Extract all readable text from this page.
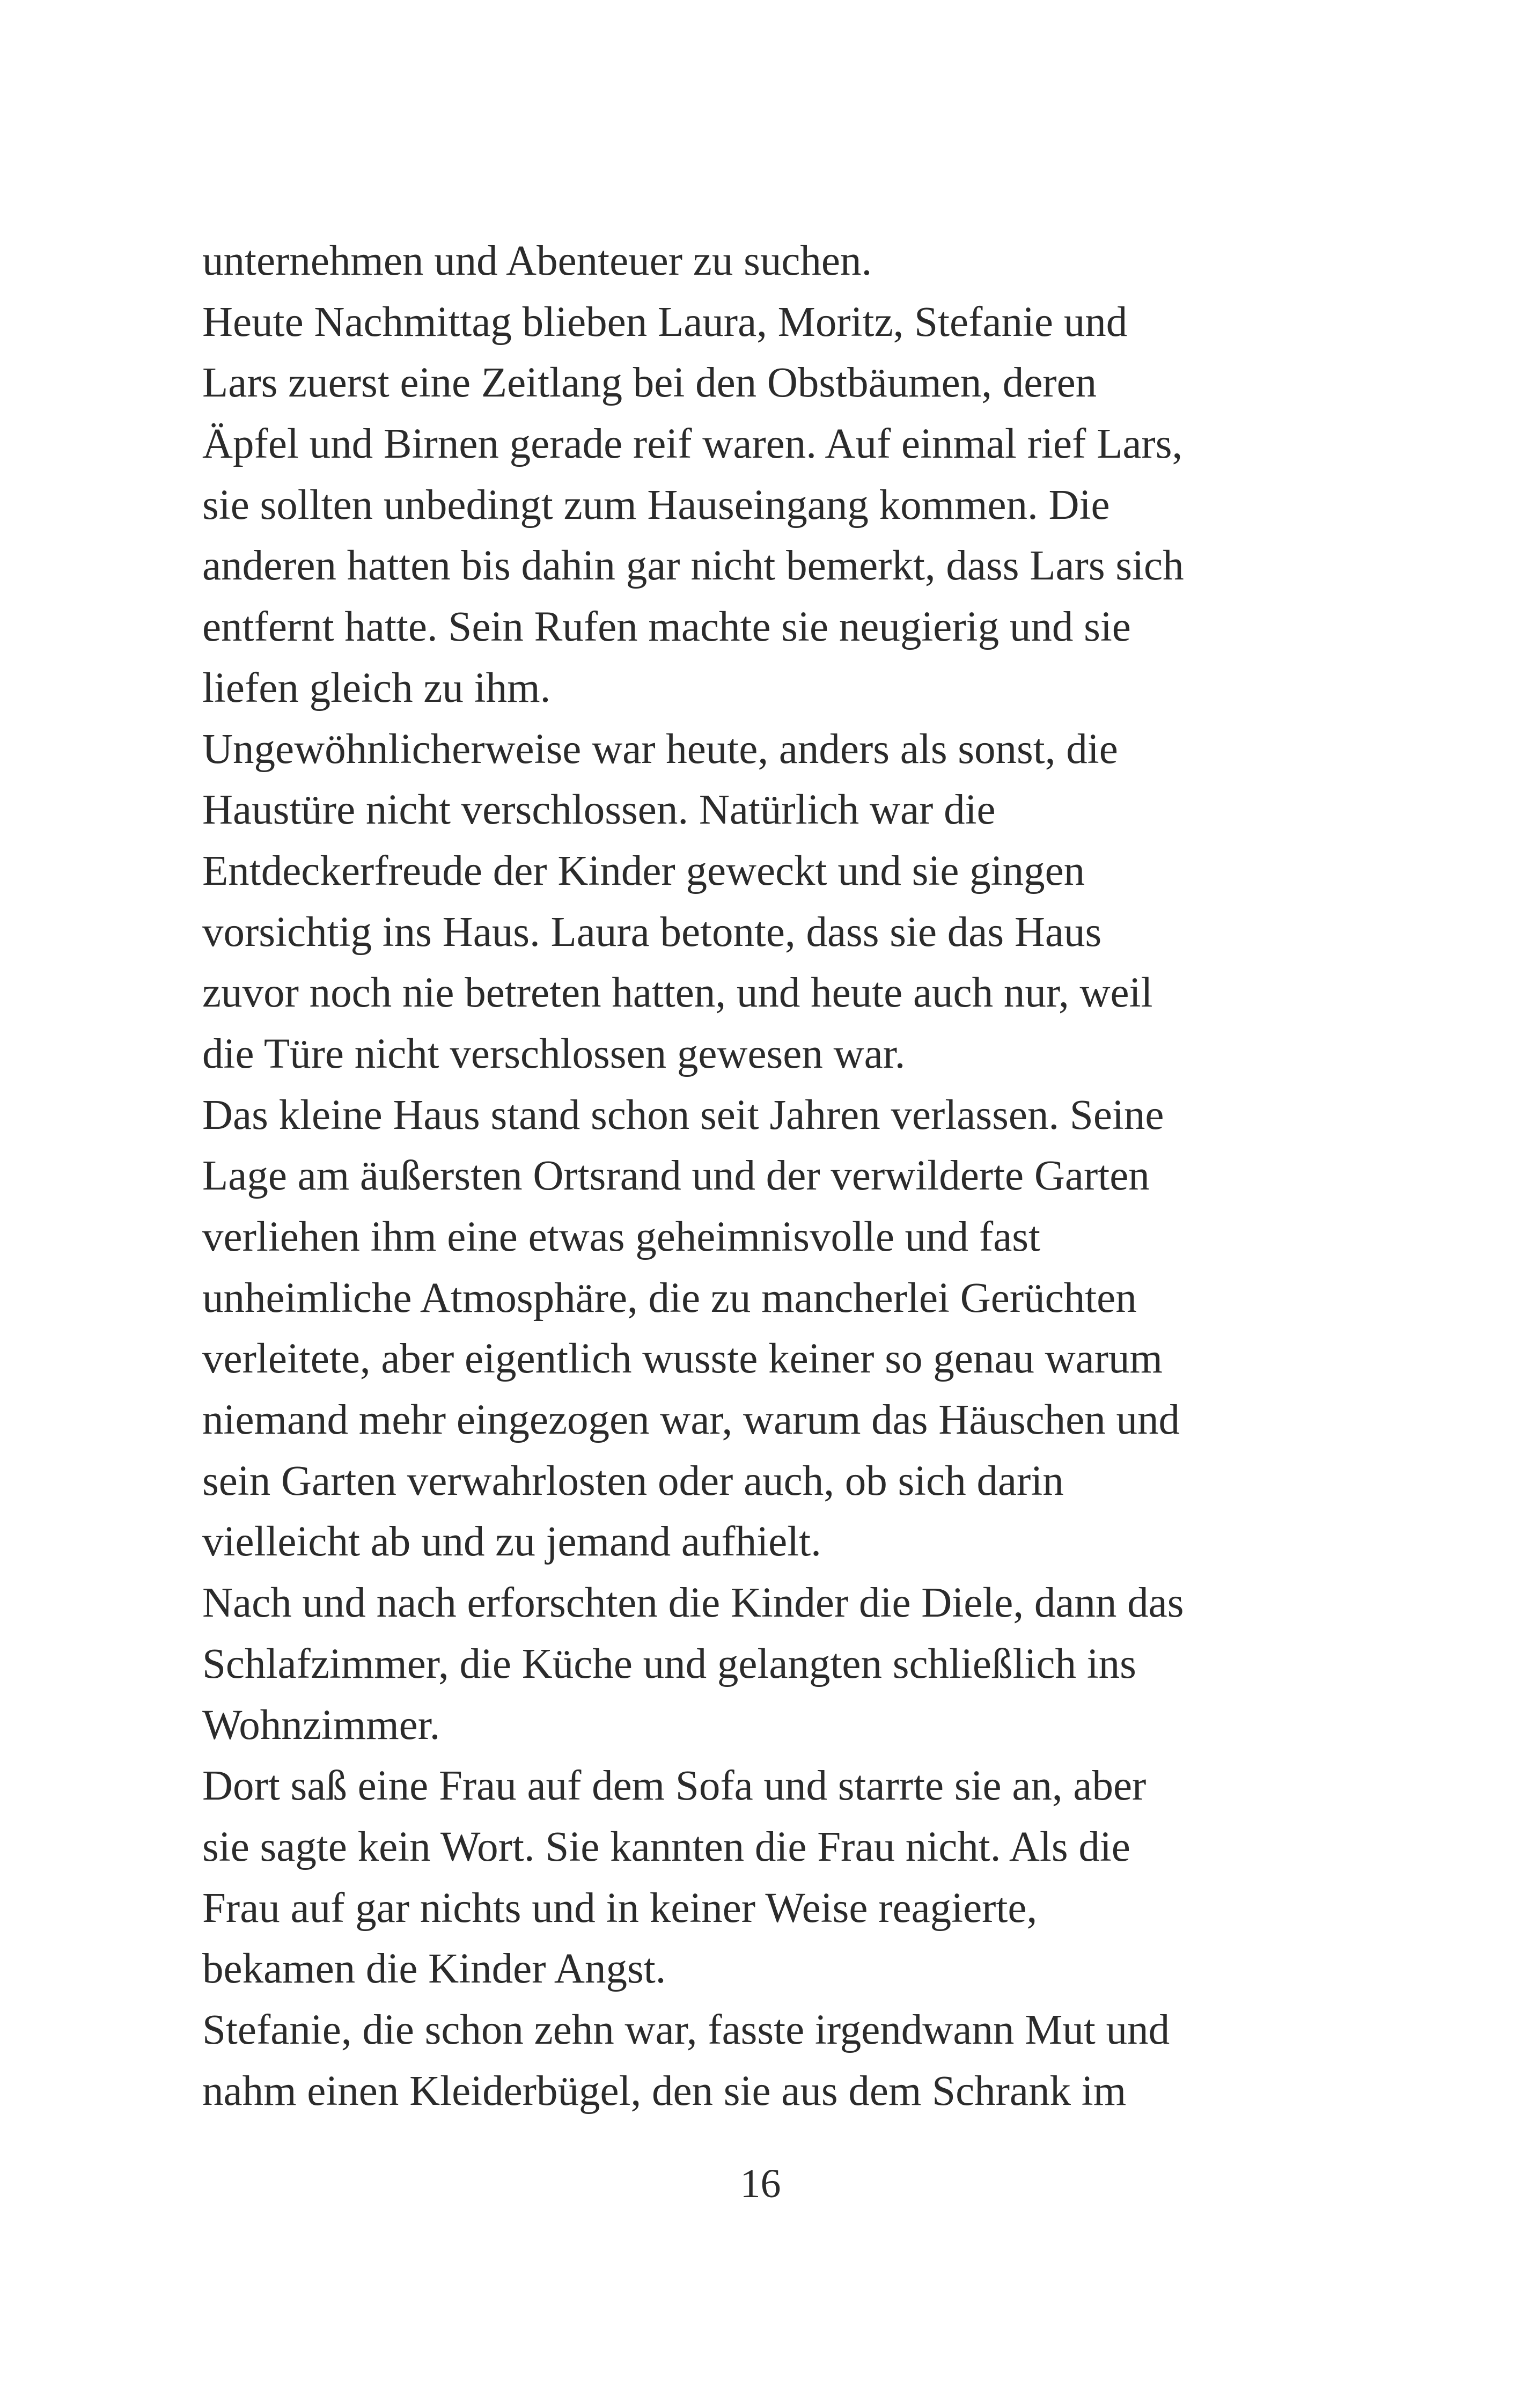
unternehmen und Abenteuer zu suchen.
Heute Nachmittag blieben Laura, Moritz, Stefanie und
Lars zuerst eine Zeitlang bei den Obstbäumen, deren
Äpfel und Birnen gerade reif waren. Auf einmal rief Lars,
sie sollten unbedingt zum Hauseingang kommen. Die
anderen hatten bis dahin gar nicht bemerkt, dass Lars sich
entfernt hatte. Sein Rufen machte sie neugierig und sie
liefen gleich zu ihm.
Ungewöhnlicherweise war heute, anders als sonst, die
Haustüre nicht verschlossen. Natürlich war die
Entdeckerfreude der Kinder geweckt und sie gingen
vorsichtig ins Haus. Laura betonte, dass sie das Haus
zuvor noch nie betreten hatten, und heute auch nur, weil
die Türe nicht verschlossen gewesen war.
Das kleine Haus stand schon seit Jahren verlassen. Seine
Lage am äußersten Ortsrand und der verwilderte Garten
verliehen ihm eine etwas geheimnisvolle und fast
unheimliche Atmosphäre, die zu mancherlei Gerüchten
verleitete, aber eigentlich wusste keiner so genau warum
niemand mehr eingezogen war, warum das Häuschen und
sein Garten verwahrlosten oder auch, ob sich darin
vielleicht ab und zu jemand aufhielt.
Nach und nach erforschten die Kinder die Diele, dann das
Schlafzimmer, die Küche und gelangten schließlich ins
Wohnzimmer.
Dort saß eine Frau auf dem Sofa und starrte sie an, aber
sie sagte kein Wort. Sie kannten die Frau nicht. Als die
Frau auf gar nichts und in keiner Weise reagierte,
bekamen die Kinder Angst.
Stefanie, die schon zehn war, fasste irgendwann Mut und
nahm einen Kleiderbügel, den sie aus dem Schrank im
16
